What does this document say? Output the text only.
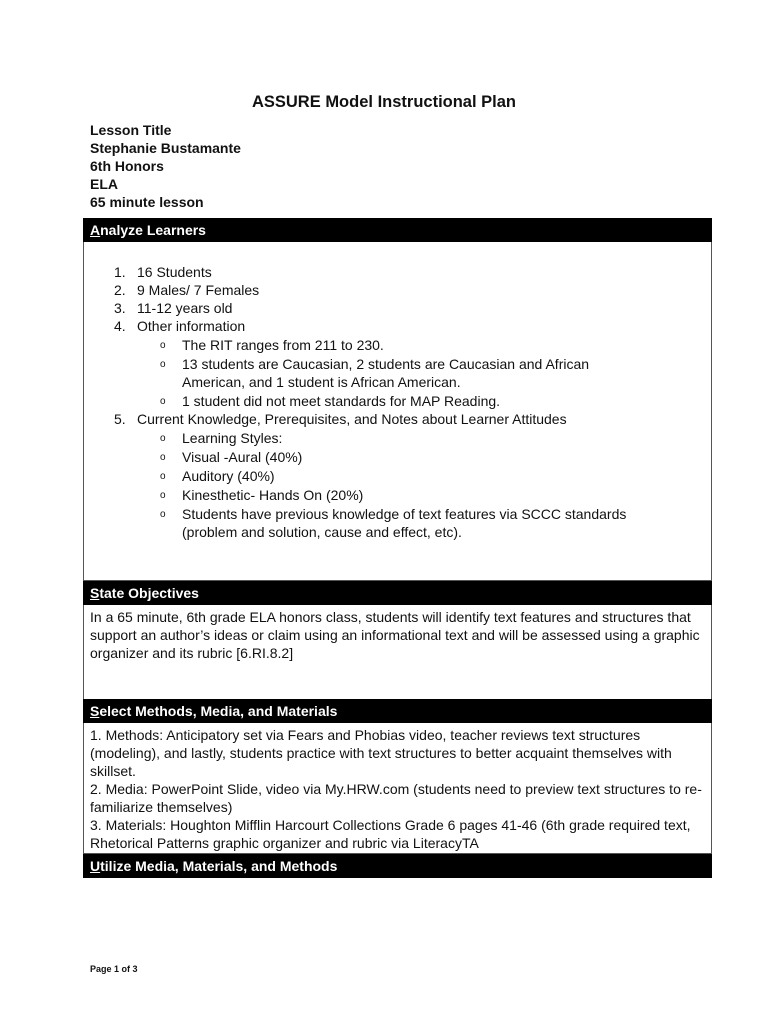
ASSURE Model Instructional Plan
Lesson Title
Stephanie Bustamante
6th Honors
ELA
65 minute lesson
Analyze Learners
1. 16 Students
2. 9 Males/ 7 Females
3. 11-12 years old
4. Other information
o The RIT ranges from 211 to 230.
o 13 students are Caucasian, 2 students are Caucasian and African American, and 1 student is African American.
o 1 student did not meet standards for MAP Reading.
5. Current Knowledge, Prerequisites, and Notes about Learner Attitudes
o Learning Styles:
o Visual -Aural (40%)
o Auditory (40%)
o Kinesthetic- Hands On (20%)
o Students have previous knowledge of text features via SCCC standards (problem and solution, cause and effect, etc).
State Objectives
In a 65 minute, 6th grade ELA honors class, students will identify text features and structures that support an author’s ideas or claim using an informational text and will be assessed using a graphic organizer and its rubric [6.RI.8.2]
Select Methods, Media, and Materials
1. Methods: Anticipatory set via Fears and Phobias video, teacher reviews text structures (modeling), and lastly, students practice with text structures to better acquaint themselves with skillset.
2. Media: PowerPoint Slide, video via My.HRW.com (students need to preview text structures to re-familiarize themselves)
3. Materials: Houghton Mifflin Harcourt Collections Grade 6 pages 41-46 (6th grade required text, Rhetorical Patterns graphic organizer and rubric via LiteracyTA
Utilize Media, Materials, and Methods
Page 1 of 3
